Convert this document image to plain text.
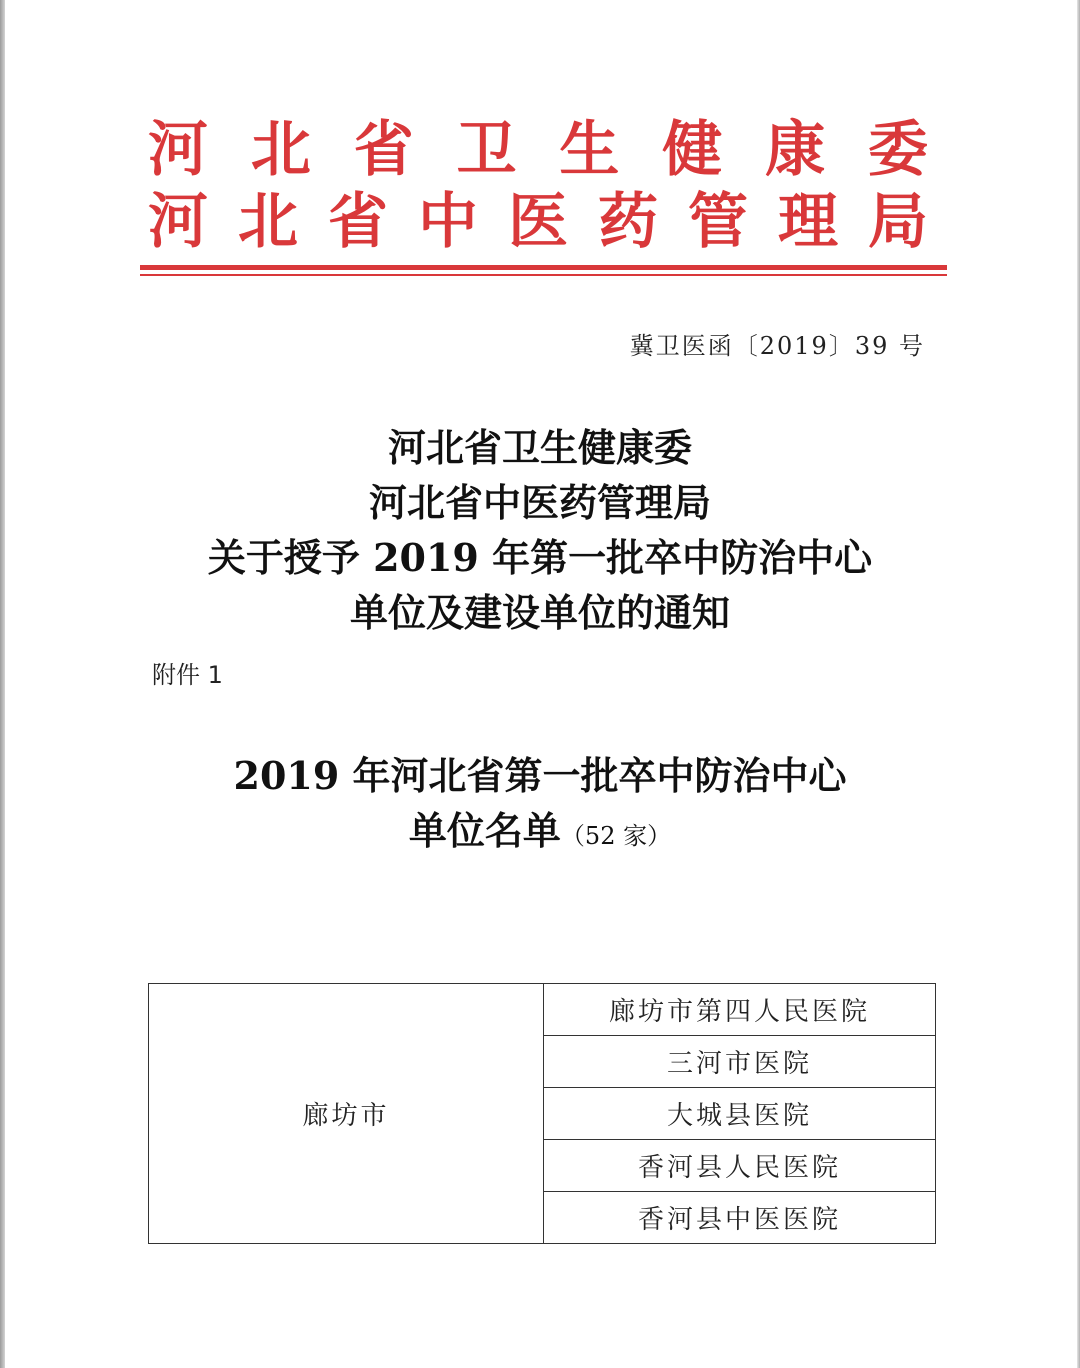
河 北 省 卫 生 健 康 委
河 北 省 中 医 药 管 理 局
冀卫医函〔2019〕39 号
河北省卫生健康委
河北省中医药管理局
关于授予 2019 年第一批卒中防治中心
单位及建设单位的通知
附件 1
2019 年河北省第一批卒中防治中心
单位名单（52 家）
廊坊市	廊坊市第四人民医院
三河市医院
大城县医院
香河县人民医院
香河县中医医院
